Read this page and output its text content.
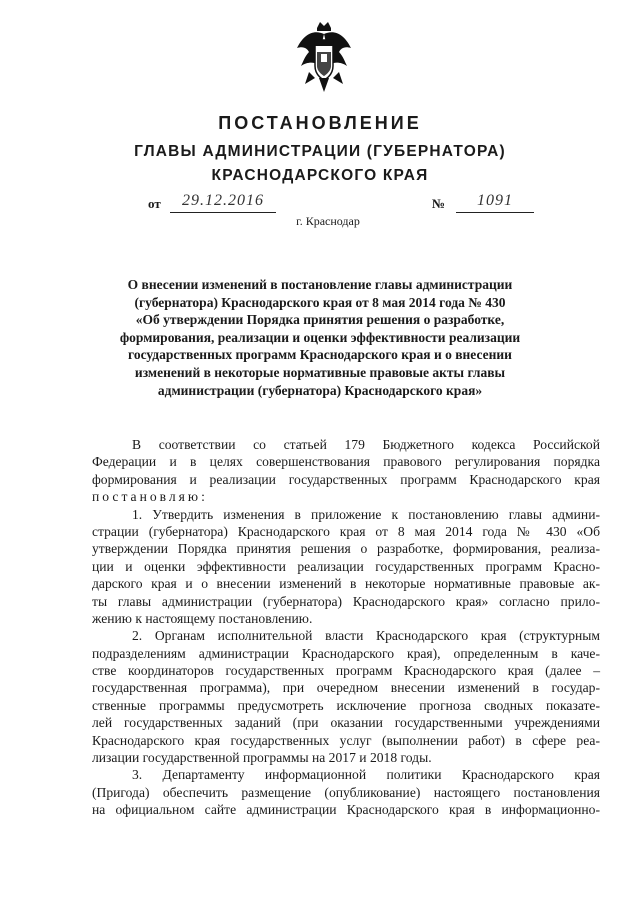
ПОСТАНОВЛЕНИЕ
ГЛАВЫ АДМИНИСТРАЦИИ (ГУБЕРНАТОРА)
КРАСНОДАРСКОГО КРАЯ
от	29.12.2016	№	1091
г. Краснодар
О внесении изменений в постановление главы администрации
(губернатора) Краснодарского края от 8 мая 2014 года № 430
«Об утверждении Порядка принятия решения о разработке,
формирования, реализации и оценки эффективности реализации
государственных программ Краснодарского края и о внесении
изменений в некоторые нормативные правовые акты главы
администрации (губернатора) Краснодарского края»
В соответствии со статьей 179 Бюджетного кодекса Российской
Федерации и в целях совершенствования правового регулирования порядка
формирования и реализации государственных программ Краснодарского края
постановляю:
1. Утвердить изменения в приложение к постановлению главы админи-
страции (губернатора) Краснодарского края от 8 мая 2014 года № 430 «Об
утверждении Порядка принятия решения о разработке, формирования, реализа-
ции и оценки эффективности реализации государственных программ Красно-
дарского края и о внесении изменений в некоторые нормативные правовые ак-
ты главы администрации (губернатора) Краснодарского края» согласно прило-
жению к настоящему постановлению.
2. Органам исполнительной власти Краснодарского края (структурным
подразделениям администрации Краснодарского края), определенным в каче-
стве координаторов государственных программ Краснодарского края (далее –
государственная программа), при очередном внесении изменений в государ-
ственные программы предусмотреть исключение прогноза сводных показате-
лей государственных заданий (при оказании государственными учреждениями
Краснодарского края государственных услуг (выполнении работ) в сфере реа-
лизации государственной программы на 2017 и 2018 годы.
3. Департаменту информационной политики Краснодарского края
(Пригода) обеспечить размещение (опубликование) настоящего постановления
на официальном сайте администрации Краснодарского края в информационно-
